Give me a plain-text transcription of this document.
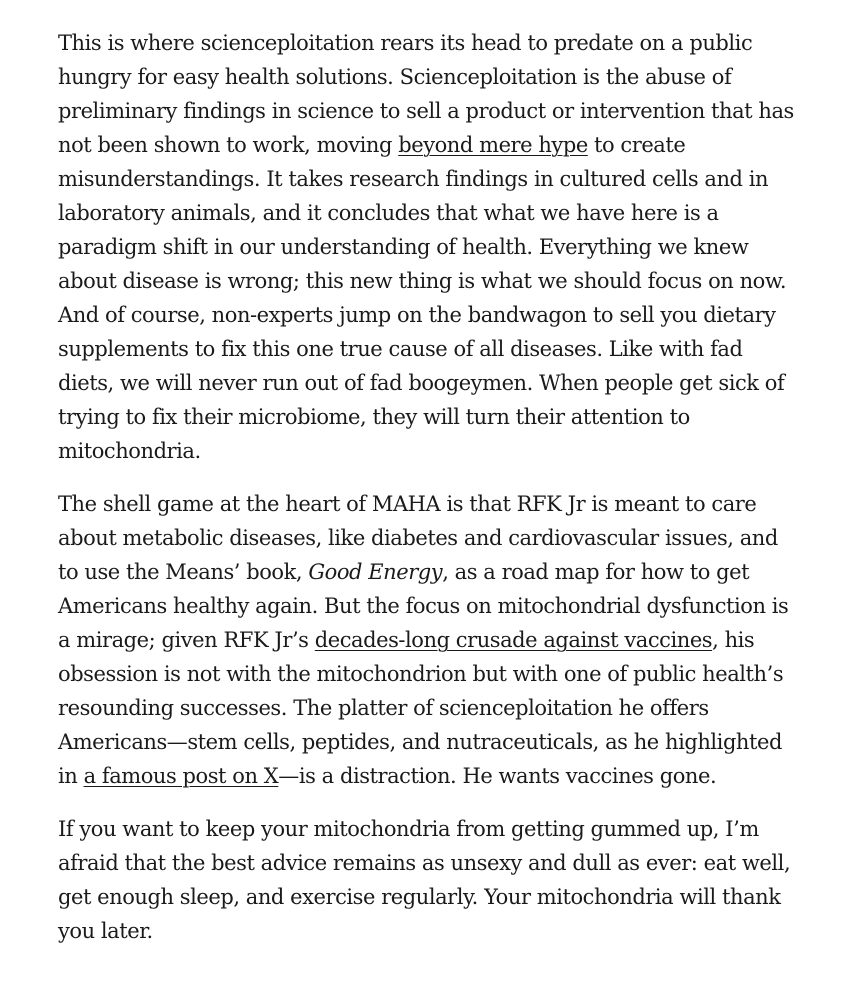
This is where scienceploitation rears its head to predate on a public hungry for easy health solutions. Scienceploitation is the abuse of preliminary findings in science to sell a product or intervention that has not been shown to work, moving beyond mere hype to create misunderstandings. It takes research findings in cultured cells and in laboratory animals, and it concludes that what we have here is a paradigm shift in our understanding of health. Everything we knew about disease is wrong; this new thing is what we should focus on now. And of course, non-experts jump on the bandwagon to sell you dietary supplements to fix this one true cause of all diseases. Like with fad diets, we will never run out of fad boogeymen. When people get sick of trying to fix their microbiome, they will turn their attention to mitochondria.

The shell game at the heart of MAHA is that RFK Jr is meant to care about metabolic diseases, like diabetes and cardiovascular issues, and to use the Means’ book, Good Energy, as a road map for how to get Americans healthy again. But the focus on mitochondrial dysfunction is a mirage; given RFK Jr’s decades-long crusade against vaccines, his obsession is not with the mitochondrion but with one of public health’s resounding successes. The platter of scienceploitation he offers Americans—stem cells, peptides, and nutraceuticals, as he highlighted in a famous post on X—is a distraction. He wants vaccines gone.

If you want to keep your mitochondria from getting gummed up, I’m afraid that the best advice remains as unsexy and dull as ever: eat well, get enough sleep, and exercise regularly. Your mitochondria will thank you later.
